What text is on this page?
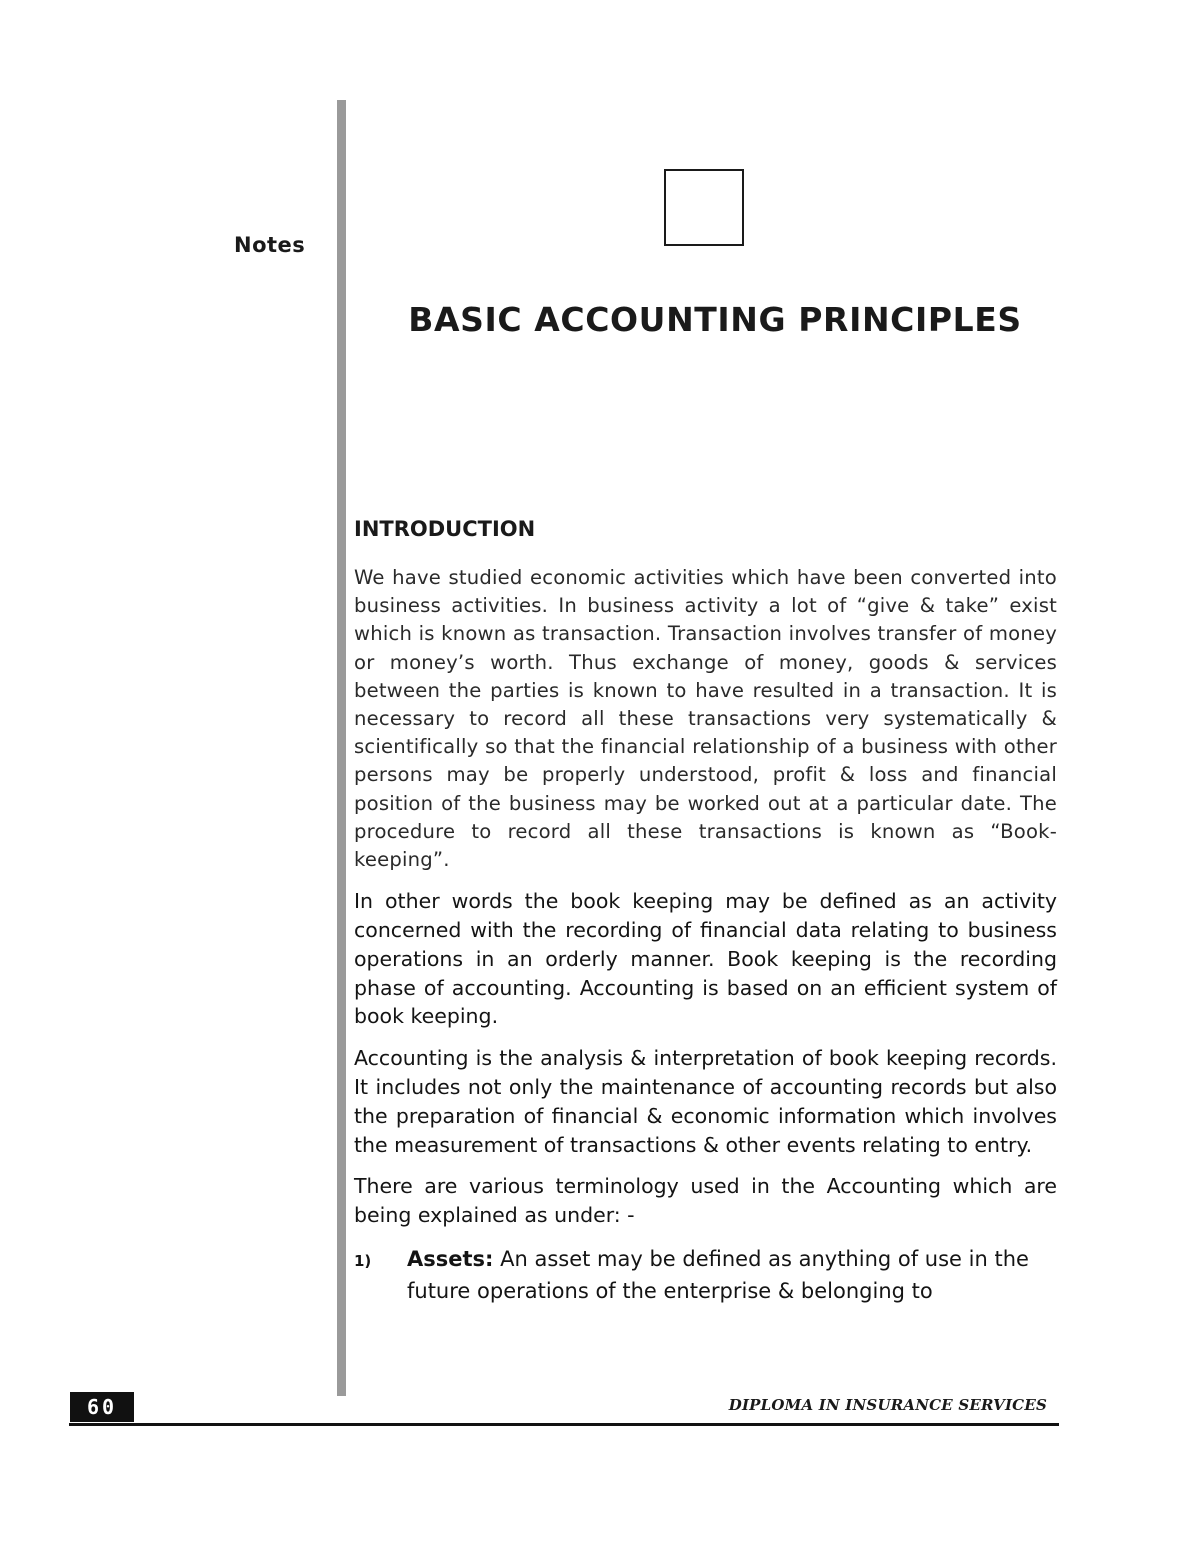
Notes
BASIC ACCOUNTING PRINCIPLES
INTRODUCTION

We have studied economic activities which have been converted into business activities. In business activity a lot of “give & take” exist which is known as transaction. Transaction involves transfer of money or money’s worth. Thus exchange of money, goods & services between the parties is known to have resulted in a transaction. It is necessary to record all these transactions very systematically & scientifically so that the financial relationship of a business with other persons may be properly understood, profit & loss and financial position of the business may be worked out at a particular date. The procedure to record all these transactions is known as “Book-keeping”.

In other words the book keeping may be defined as an activity concerned with the recording of financial data relating to business operations in an orderly manner. Book keeping is the recording phase of accounting. Accounting is based on an efficient system of book keeping.

Accounting is the analysis & interpretation of book keeping records. It includes not only the maintenance of accounting records but also the preparation of financial & economic information which involves the measurement of transactions & other events relating to entry.

There are various terminology used in the Accounting which are being explained as under: -

1)	Assets: An asset may be defined as anything of use in the future operations of the enterprise & belonging to
60	DIPLOMA IN INSURANCE SERVICES
